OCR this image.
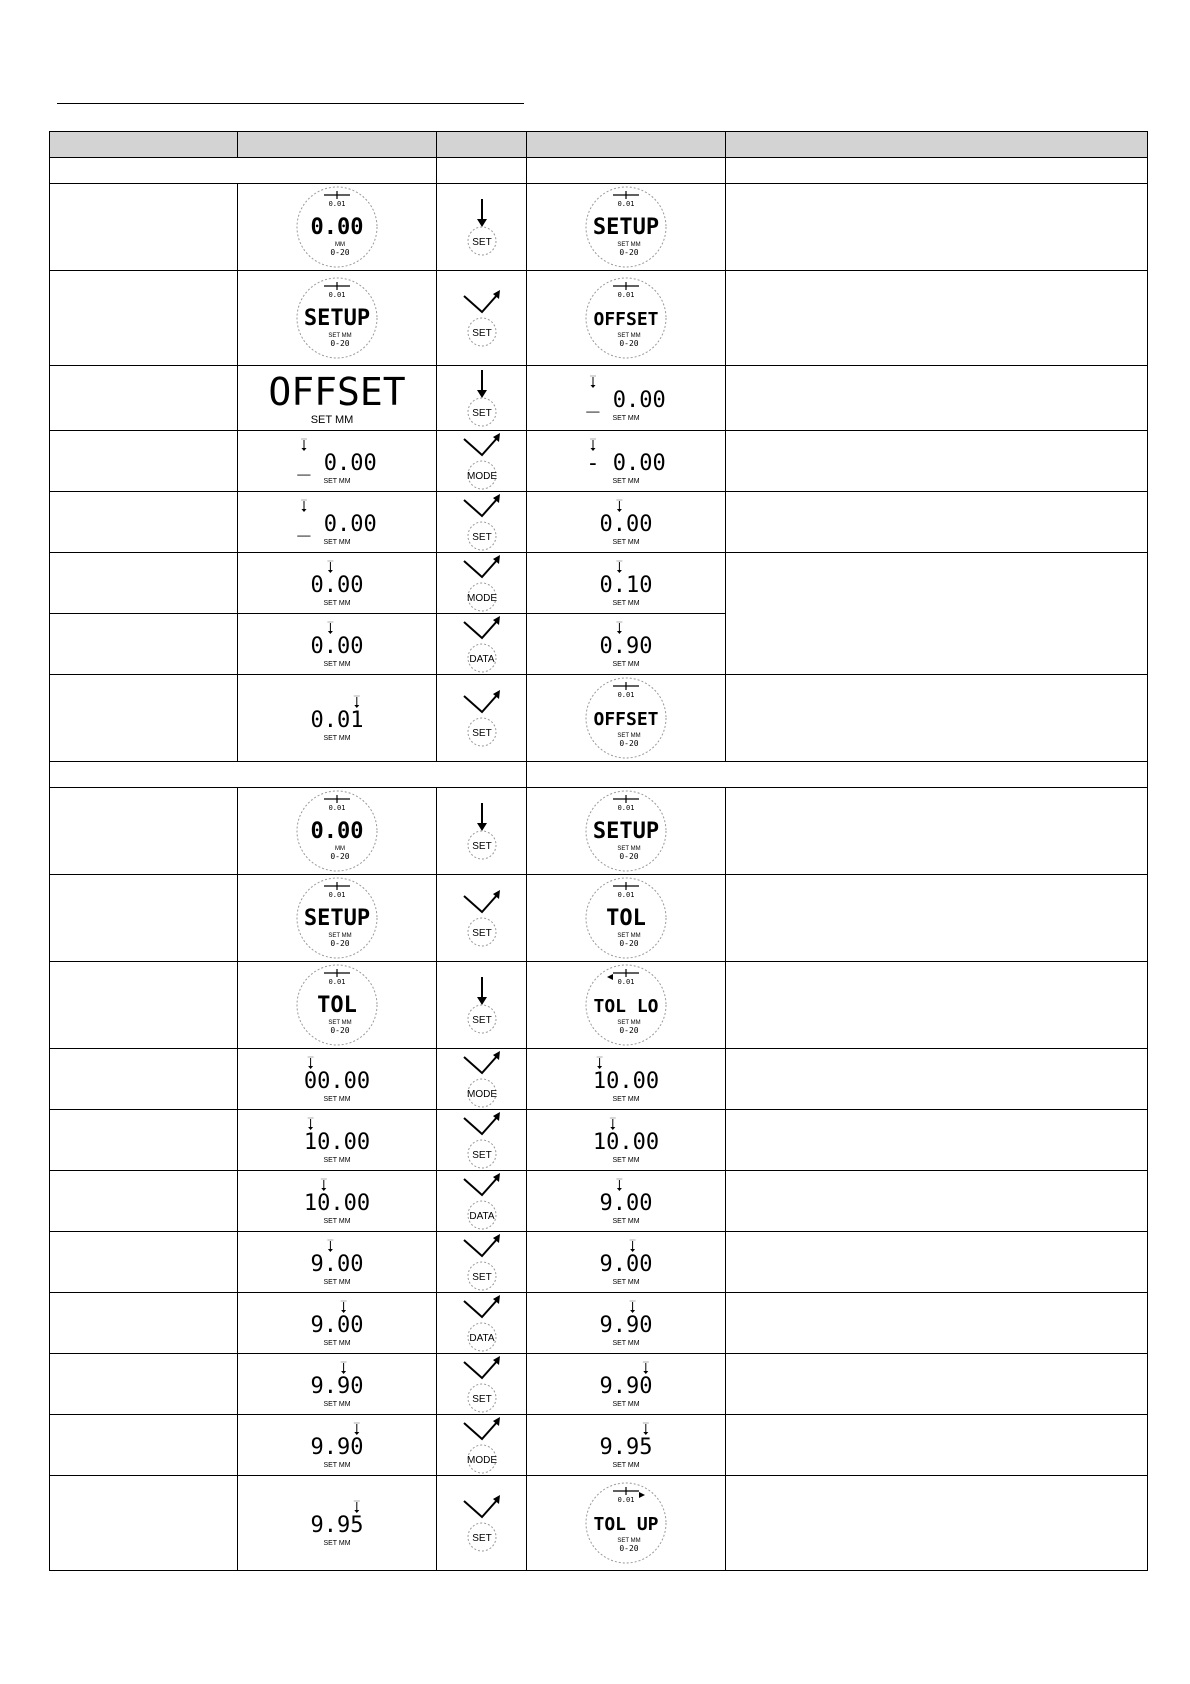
0.01
0.00
MM
0-20	SET	0.01
SETUP
SET MM
0-20	

0.01
SETUP
SET MM
0-20	SET	0.01
OFFSET
SET MM
0-20	

OFFSET
SET MM	SET	_ 0.00
SET MM	

_ 0.00
SET MM	MODE	- 0.00
SET MM	

_ 0.00
SET MM	SET	0.00
SET MM	

0.00
SET MM	MODE	0.10
SET MM	

0.00
SET MM	DATA	0.90
SET MM	

0.01
SET MM	SET	0.01
OFFSET
SET MM
0-20	

0.01
0.00
MM
0-20	SET	0.01
SETUP
SET MM
0-20	

0.01
SETUP
SET MM
0-20	SET	0.01
TOL
SET MM
0-20	

0.01
TOL
SET MM
0-20	SET	0.01
TOL LO
SET MM
0-20	

00.00
SET MM	MODE	10.00
SET MM	

10.00
SET MM	SET	10.00
SET MM	

10.00
SET MM	DATA	9.00
SET MM	

9.00
SET MM	SET	9.00
SET MM	

9.00
SET MM	DATA	9.90
SET MM	

9.90
SET MM	SET	9.90
SET MM	

9.90
SET MM	MODE	9.95
SET MM	

9.95
SET MM	SET	0.01
TOL UP
SET MM
0-20	
